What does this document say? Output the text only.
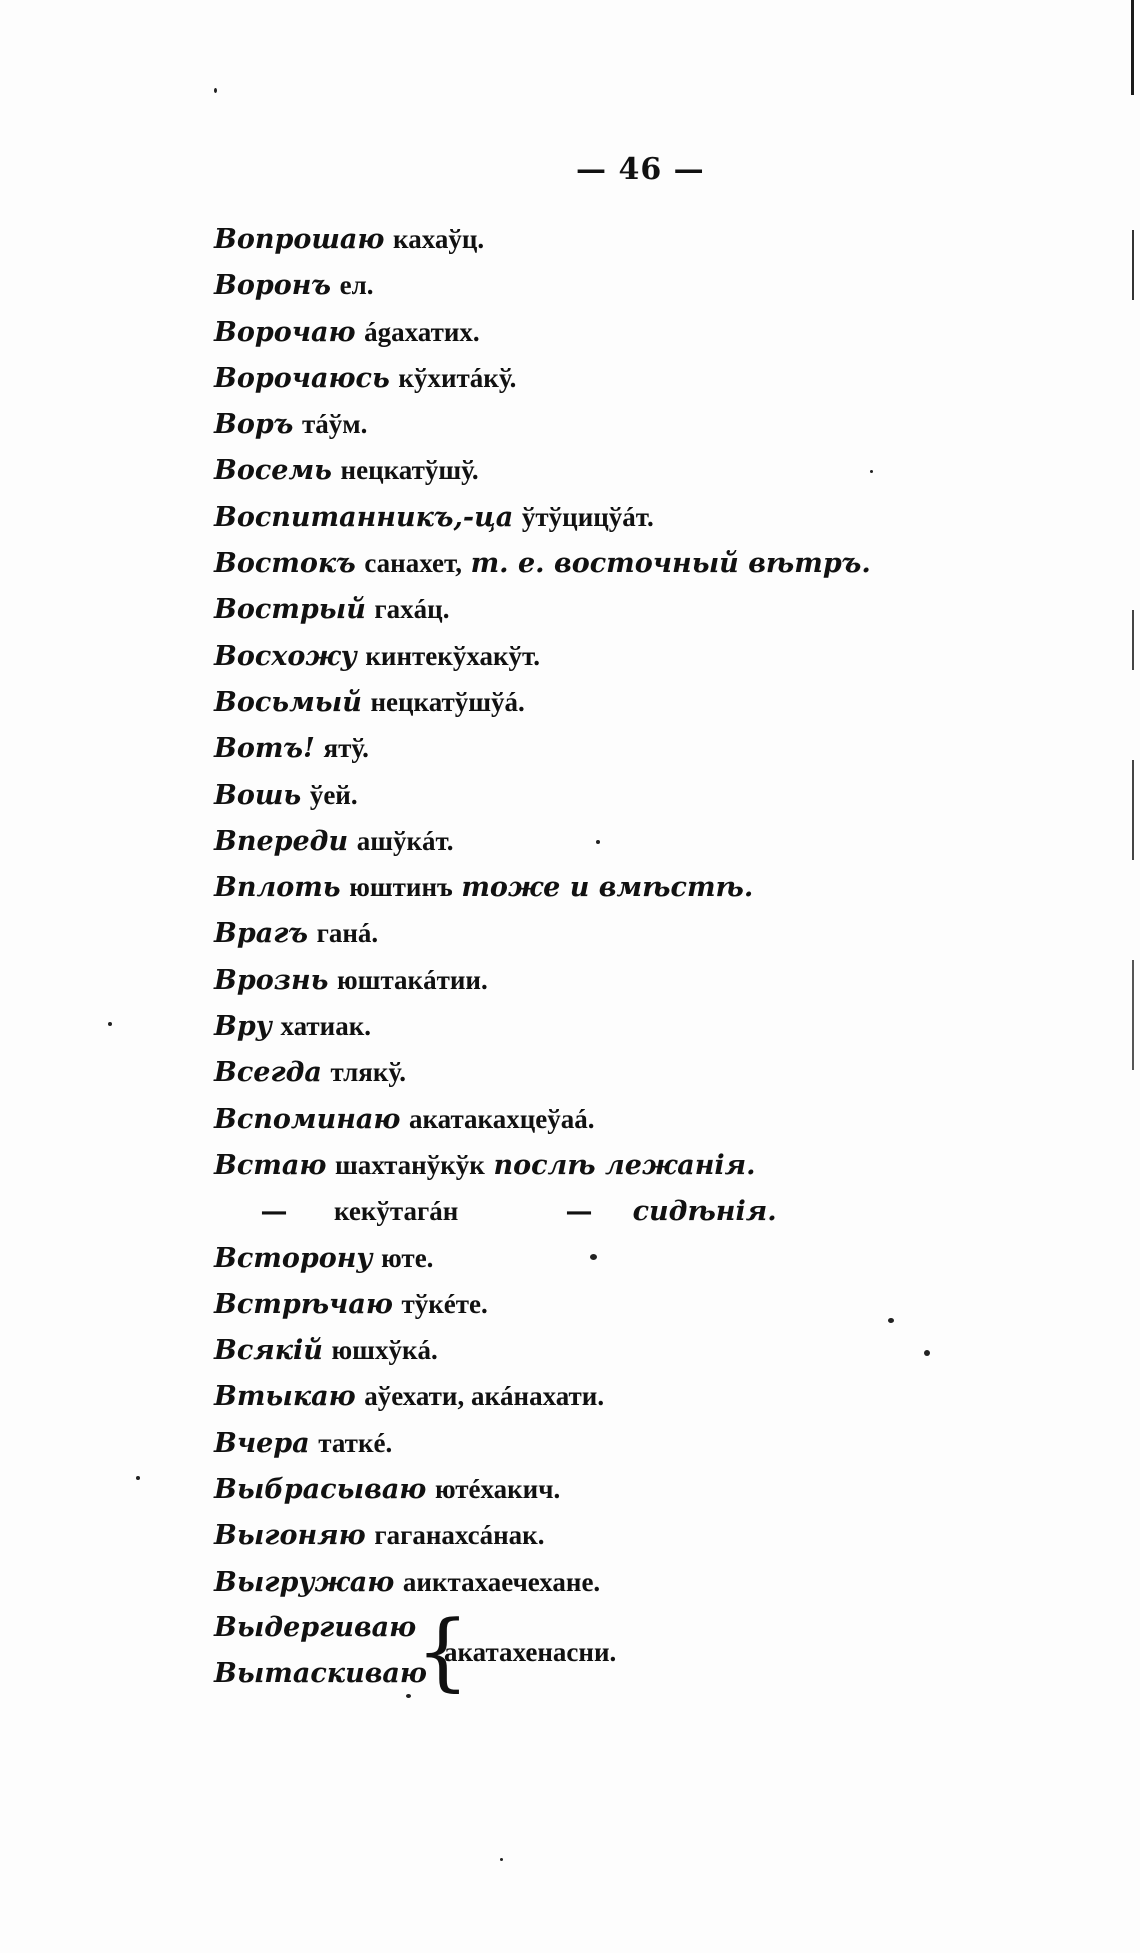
— 46 —
Вопрошаю кахаўц.
Воронъ ел.
Ворочаю ágaхатих.
Ворочаюсь кўхитáкў.
Воръ тáўм.
Восемь нецкатўшў.
Воспитанникъ,-ца ўтўцицўáт.
Востокъ санахет, т. е. восточный вѣтръ.
Вострый гахáц.
Восхожу кинтекўхакўт.
Восьмый нецкатўшўá.
Вотъ! ятў.
Вошь ўей.
Впереди ашўкáт.
Вплоть юштинъ тоже и вмѣстѣ.
Врагъ ганá.
Врознь юштакáтии.
Вру хатиак.
Всегда тлякў.
Вспоминаю акатакахцеўаá.
Встаю шахтанўкўк послѣ лежанія.
— кекўтагáн	— сидѣнія.
Всторону юте.
Встрѣчаю тўкéте.
Всякій юшхўкá.
Втыкаю аўехати, акáнахати.
Вчера таткé.
Выбрасываю ютéхакич.
Выгоняю гаганахсáнак.
Выгружаю аиктахаечехане.
Выдергиваю
Вытаскиваю
{
акатахенасни.
